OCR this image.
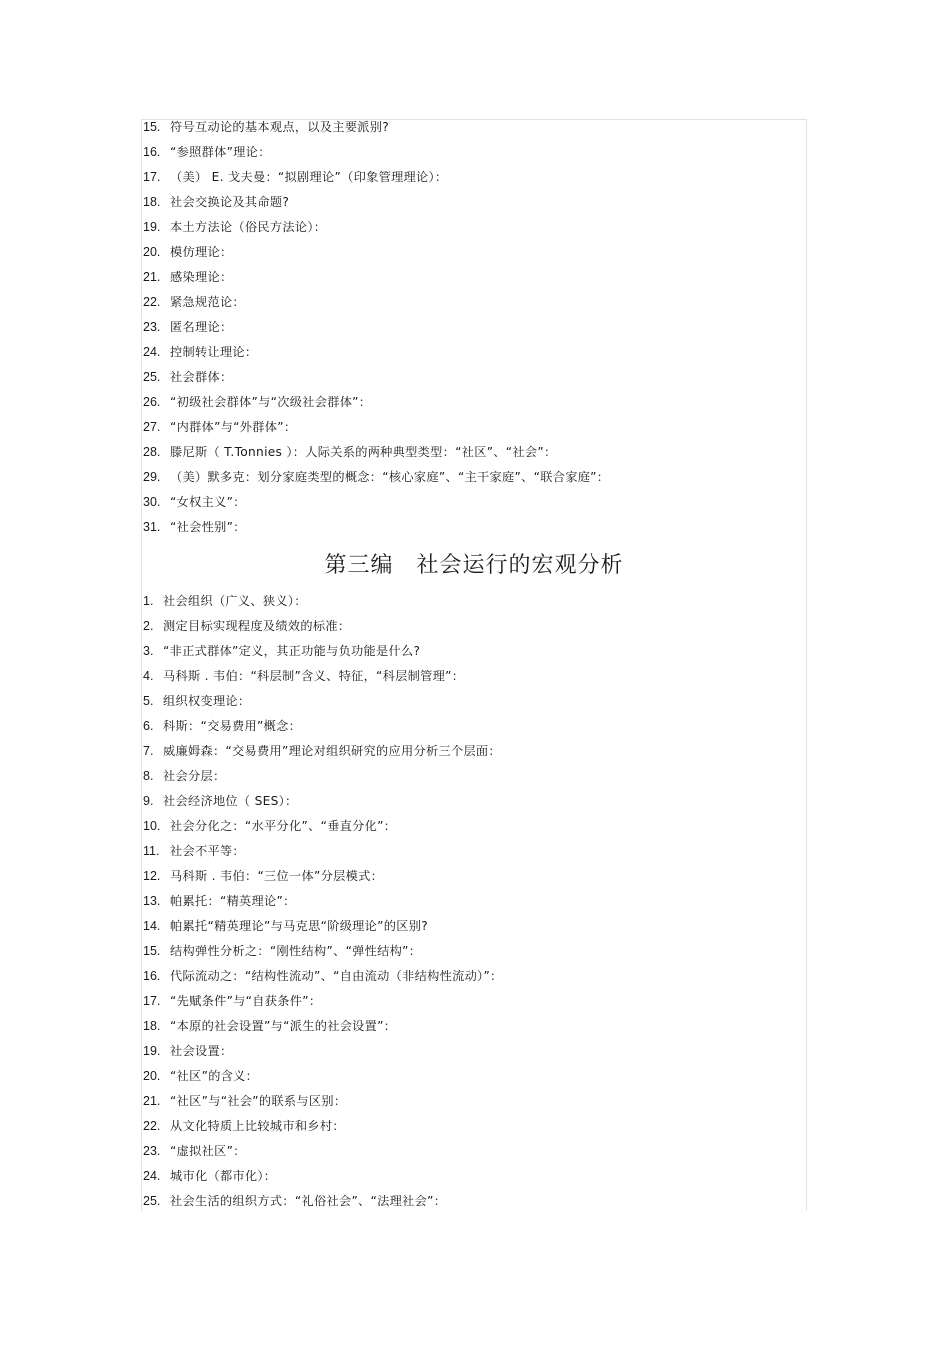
15. 符号互动论的基本观点，以及主要派别?
16. “参照群体”理论：
17. （美） E. 戈夫曼：“拟剧理论”（印象管理理论）：
18. 社会交换论及其命题?
19. 本土方法论（俗民方法论）：
20. 模仿理论：
21. 感染理论：
22. 紧急规范论：
23. 匿名理论：
24. 控制转让理论：
25. 社会群体：
26. “初级社会群体”与“次级社会群体”：
27. “内群体”与“外群体”：
28. 滕尼斯（ T.Tonnies ）：人际关系的两种典型类型：“社区”、“社会”：
29. （美）默多克：划分家庭类型的概念：“核心家庭”、“主干家庭”、“联合家庭”：
30. “女权主义”：
31. “社会性别”：
第三编　社会运行的宏观分析
1. 社会组织（广义、狭义）：
2. 测定目标实现程度及绩效的标准：
3. “非正式群体”定义，其正功能与负功能是什么?
4. 马科斯 . 韦伯：“科层制”含义、特征，“科层制管理”：
5. 组织权变理论：
6. 科斯：“交易费用”概念：
7. 威廉姆森：“交易费用”理论对组织研究的应用分析三个层面：
8. 社会分层：
9. 社会经济地位（ SES）：
10. 社会分化之：“水平分化”、“垂直分化”：
11. 社会不平等：
12. 马科斯 . 韦伯：“三位一体”分层模式：
13. 帕累托：“精英理论”：
14. 帕累托“精英理论”与马克思“阶级理论”的区别?
15. 结构弹性分析之：“刚性结构”、“弹性结构”：
16. 代际流动之：“结构性流动”、“自由流动（非结构性流动）”：
17. “先赋条件”与“自获条件”：
18. “本原的社会设置”与“派生的社会设置”：
19. 社会设置：
20. “社区”的含义：
21. “社区”与“社会”的联系与区别：
22. 从文化特质上比较城市和乡村：
23. “虚拟社区”：
24. 城市化（都市化）：
25. 社会生活的组织方式：“礼俗社会”、“法理社会”：
